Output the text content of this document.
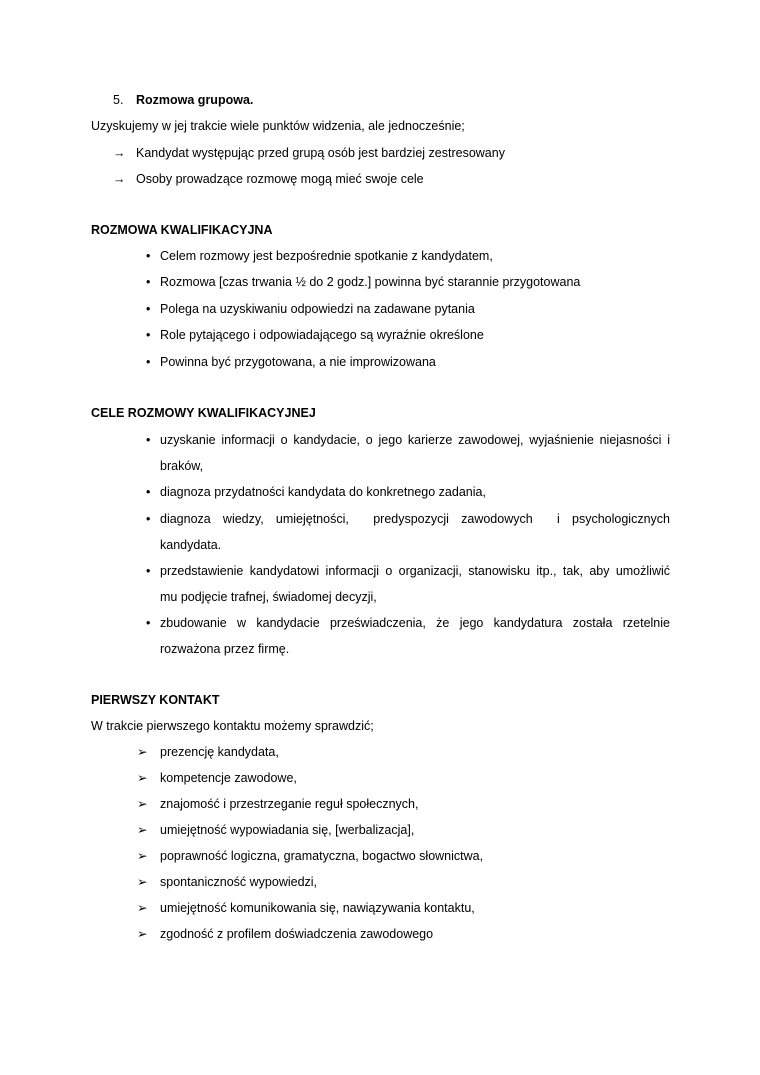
5. Rozmowa grupowa.
Uzyskujemy w jej trakcie wiele punktów widzenia, ale jednocześnie;
→ Kandydat występując przed grupą osób jest bardziej zestresowany
→ Osoby prowadzące rozmowę mogą mieć swoje cele
ROZMOWA KWALIFIKACYJNA
• Celem rozmowy jest bezpośrednie spotkanie z kandydatem,
• Rozmowa [czas trwania ½ do 2 godz.] powinna być starannie przygotowana
• Polega na uzyskiwaniu odpowiedzi na zadawane pytania
• Role pytającego i odpowiadającego są wyraźnie określone
• Powinna być przygotowana, a nie improwizowana
CELE ROZMOWY KWALIFIKACYJNEJ
• uzyskanie informacji o kandydacie, o jego karierze zawodowej, wyjaśnienie niejasności i
braków,
• diagnoza przydatności kandydata do konkretnego zadania,
• diagnoza wiedzy, umiejętności,  predyspozycji zawodowych  i psychologicznych
kandydata.
• przedstawienie kandydatowi informacji o organizacji, stanowisku itp., tak, aby umożliwić
mu podjęcie trafnej, świadomej decyzji,
• zbudowanie w kandydacie przeświadczenia, że jego kandydatura została rzetelnie
rozważona przez firmę.
PIERWSZY KONTAKT
W trakcie pierwszego kontaktu możemy sprawdzić;
➢ prezencję kandydata,
➢ kompetencje zawodowe,
➢ znajomość i przestrzeganie reguł społecznych,
➢ umiejętność wypowiadania się, [werbalizacja],
➢ poprawność logiczna, gramatyczna, bogactwo słownictwa,
➢ spontaniczność wypowiedzi,
➢ umiejętność komunikowania się, nawiązywania kontaktu,
➢ zgodność z profilem doświadczenia zawodowego
